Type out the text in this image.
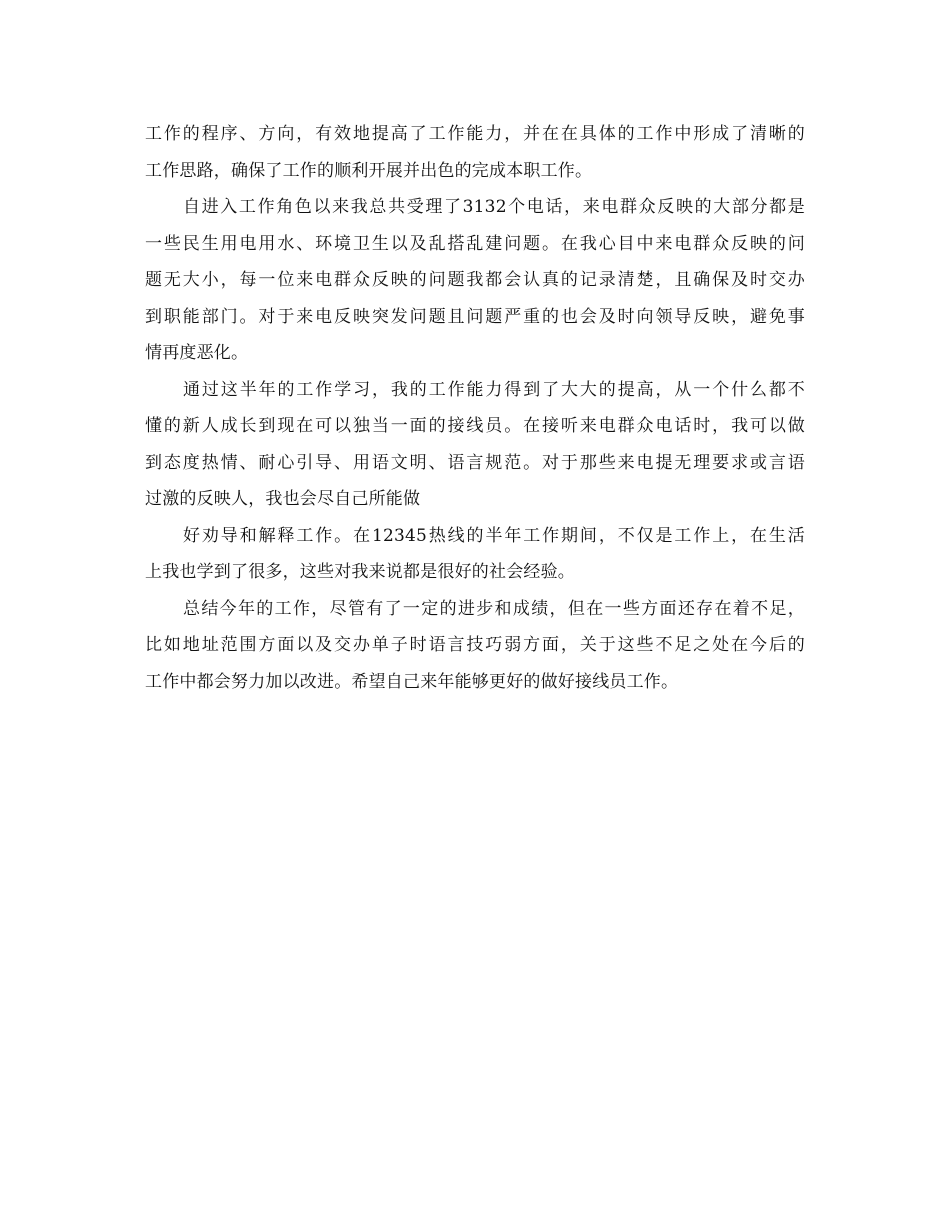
工作的程序、方向，有效地提高了工作能力，并在在具体的工作中形成了清晰的
工作思路，确保了工作的顺利开展并出色的完成本职工作。
自进入工作角色以来我总共受理了3132个电话，来电群众反映的大部分都是
一些民生用电用水、环境卫生以及乱搭乱建问题。在我心目中来电群众反映的问
题无大小，每一位来电群众反映的问题我都会认真的记录清楚，且确保及时交办
到职能部门。对于来电反映突发问题且问题严重的也会及时向领导反映，避免事
情再度恶化。
通过这半年的工作学习，我的工作能力得到了大大的提高，从一个什么都不
懂的新人成长到现在可以独当一面的接线员。在接听来电群众电话时，我可以做
到态度热情、耐心引导、用语文明、语言规范。对于那些来电提无理要求或言语
过激的反映人，我也会尽自己所能做
好劝导和解释工作。在12345热线的半年工作期间，不仅是工作上，在生活
上我也学到了很多，这些对我来说都是很好的社会经验。
总结今年的工作，尽管有了一定的进步和成绩，但在一些方面还存在着不足，
比如地址范围方面以及交办单子时语言技巧弱方面，关于这些不足之处在今后的
工作中都会努力加以改进。希望自己来年能够更好的做好接线员工作。
